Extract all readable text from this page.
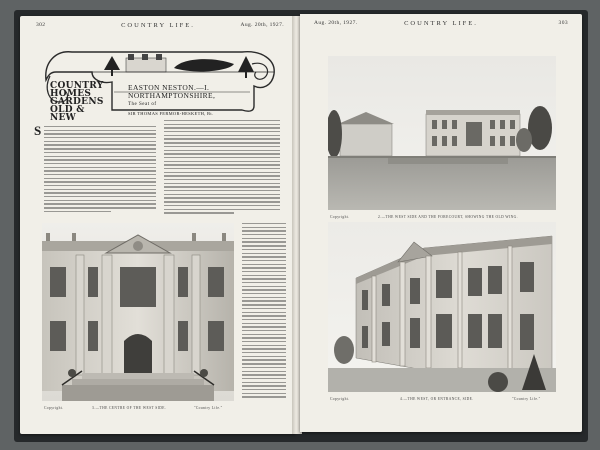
302	COUNTRY LIFE.	Aug. 20th, 1927.
COUNTRY
HOMES
GARDENS
OLD & NEW
EASTON NESTON.—I.
NORTHAMPTONSHIRE,
The Seat of
SIR THOMAS FERMOR-HESKETH, Bt.
S
Copyright.	3.—THE CENTRE OF THE WEST SIDE.	"Country Life."
Aug. 20th, 1927.	COUNTRY LIFE.	303
Copyright.	2.—THE WEST SIDE AND THE FORECOURT, SHOWING THE OLD WING.
Copyright.	4.—THE WEST, OR ENTRANCE, SIDE.	"Country Life."
